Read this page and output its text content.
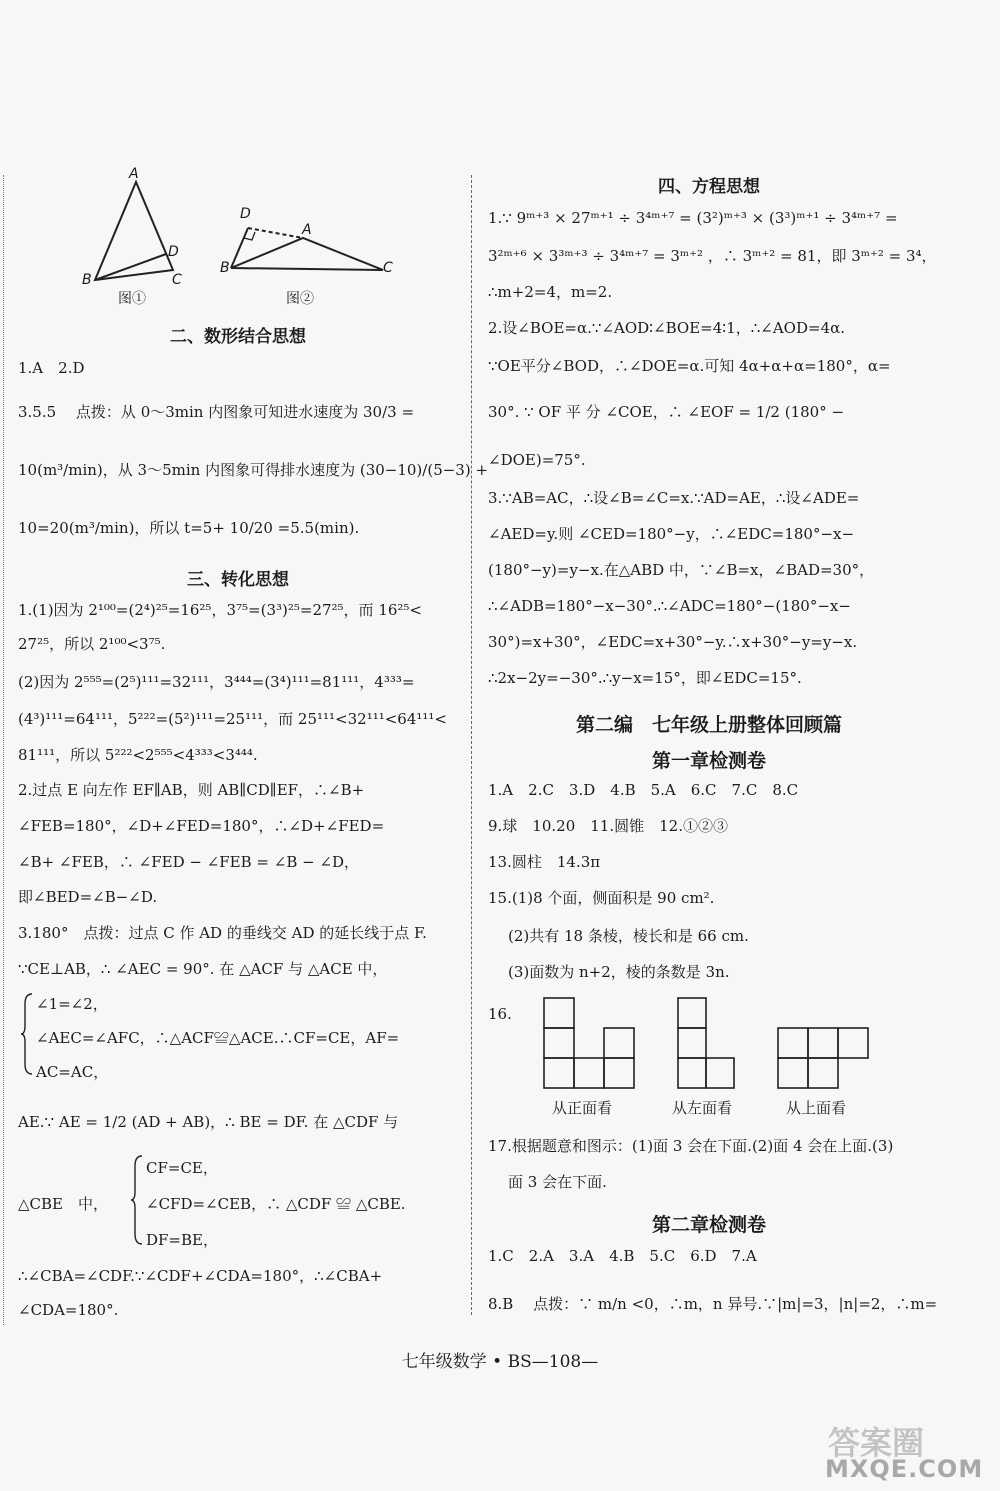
A
B	C
D
图①
D
A
B	C
图②
二、数形结合思想
1.A　2.D
3.5.5　 点拨：从 0～3min 内图象可知进水速度为 30/3 =
10(m³/min)，从 3～5min 内图象可得排水速度为 (30−10)/(5−3) +
10=20(m³/min)，所以 t=5+ 10/20 =5.5(min).
三、转化思想
1.(1)因为 2¹⁰⁰=(2⁴)²⁵=16²⁵，3⁷⁵=(3³)²⁵=27²⁵，而 16²⁵<
27²⁵，所以 2¹⁰⁰<3⁷⁵.
(2)因为 2⁵⁵⁵=(2⁵)¹¹¹=32¹¹¹，3⁴⁴⁴=(3⁴)¹¹¹=81¹¹¹，4³³³=
(4³)¹¹¹=64¹¹¹，5²²²=(5²)¹¹¹=25¹¹¹，而 25¹¹¹<32¹¹¹<64¹¹¹<
81¹¹¹，所以 5²²²<2⁵⁵⁵<4³³³<3⁴⁴⁴.
2.过点 E 向左作 EF∥AB，则 AB∥CD∥EF，∴∠B+
∠FEB=180°，∠D+∠FED=180°，∴∠D+∠FED=
∠B+ ∠FEB，∴ ∠FED − ∠FEB = ∠B − ∠D，
即∠BED=∠B−∠D.
3.180°　点拨：过点 C 作 AD 的垂线交 AD 的延长线于点 F.
∵CE⊥AB，∴ ∠AEC = 90°. 在 △ACF 与 △ACE 中，
∠1=∠2，
∠AEC=∠AFC，∴△ACF≌△ACE.∴CF=CE，AF=
AC=AC，
AE.∵ AE = 1/2 (AD + AB)，∴ BE = DF. 在 △CDF 与
CF=CE，
△CBE　中，	∠CFD=∠CEB，∴ △CDF ≌ △CBE.
DF=BE，
∴∠CBA=∠CDF.∵∠CDF+∠CDA=180°，∴∠CBA+
∠CDA=180°.
四、方程思想
1.∵ 9ᵐ⁺³ × 27ᵐ⁺¹ ÷ 3⁴ᵐ⁺⁷ = (3²)ᵐ⁺³ × (3³)ᵐ⁺¹ ÷ 3⁴ᵐ⁺⁷ =
3²ᵐ⁺⁶ × 3³ᵐ⁺³ ÷ 3⁴ᵐ⁺⁷ = 3ᵐ⁺² ，∴ 3ᵐ⁺² = 81，即 3ᵐ⁺² = 3⁴，
∴m+2=4，m=2.
2.设∠BOE=α.∵∠AOD∶∠BOE=4∶1，∴∠AOD=4α.
∵OE平分∠BOD，∴∠DOE=α.可知 4α+α+α=180°，α=
30°. ∵ OF 平 分 ∠COE，∴ ∠EOF = 1/2 (180° −
∠DOE)=75°.
3.∵AB=AC，∴设∠B=∠C=x.∵AD=AE，∴设∠ADE=
∠AED=y.则 ∠CED=180°−y，∴∠EDC=180°−x−
(180°−y)=y−x.在△ABD 中，∵∠B=x，∠BAD=30°，
∴∠ADB=180°−x−30°.∴∠ADC=180°−(180°−x−
30°)=x+30°，∠EDC=x+30°−y.∴x+30°−y=y−x.
∴2x−2y=−30°.∴y−x=15°，即∠EDC=15°.
第二编　七年级上册整体回顾篇
第一章检测卷
1.A　2.C　3.D　4.B　5.A　6.C　7.C　8.C
9.球　10.20　11.圆锥　12.①②③
13.圆柱　14.3π
15.(1)8 个面，侧面积是 90 cm².
(2)共有 18 条棱，棱长和是 66 cm.
(3)面数为 n+2，棱的条数是 3n.
16.
从正面看	从左面看	从上面看
17.根据题意和图示：(1)面 3 会在下面.(2)面 4 会在上面.(3)
面 3 会在下面.
第二章检测卷
1.C　2.A　3.A　4.B　5.C　6.D　7.A
8.B　 点拨：∵ m/n <0，∴m，n 异号.∵|m|=3，|n|=2，∴m=
七年级数学 • BS—108—
答案圈
MXQE.COM
